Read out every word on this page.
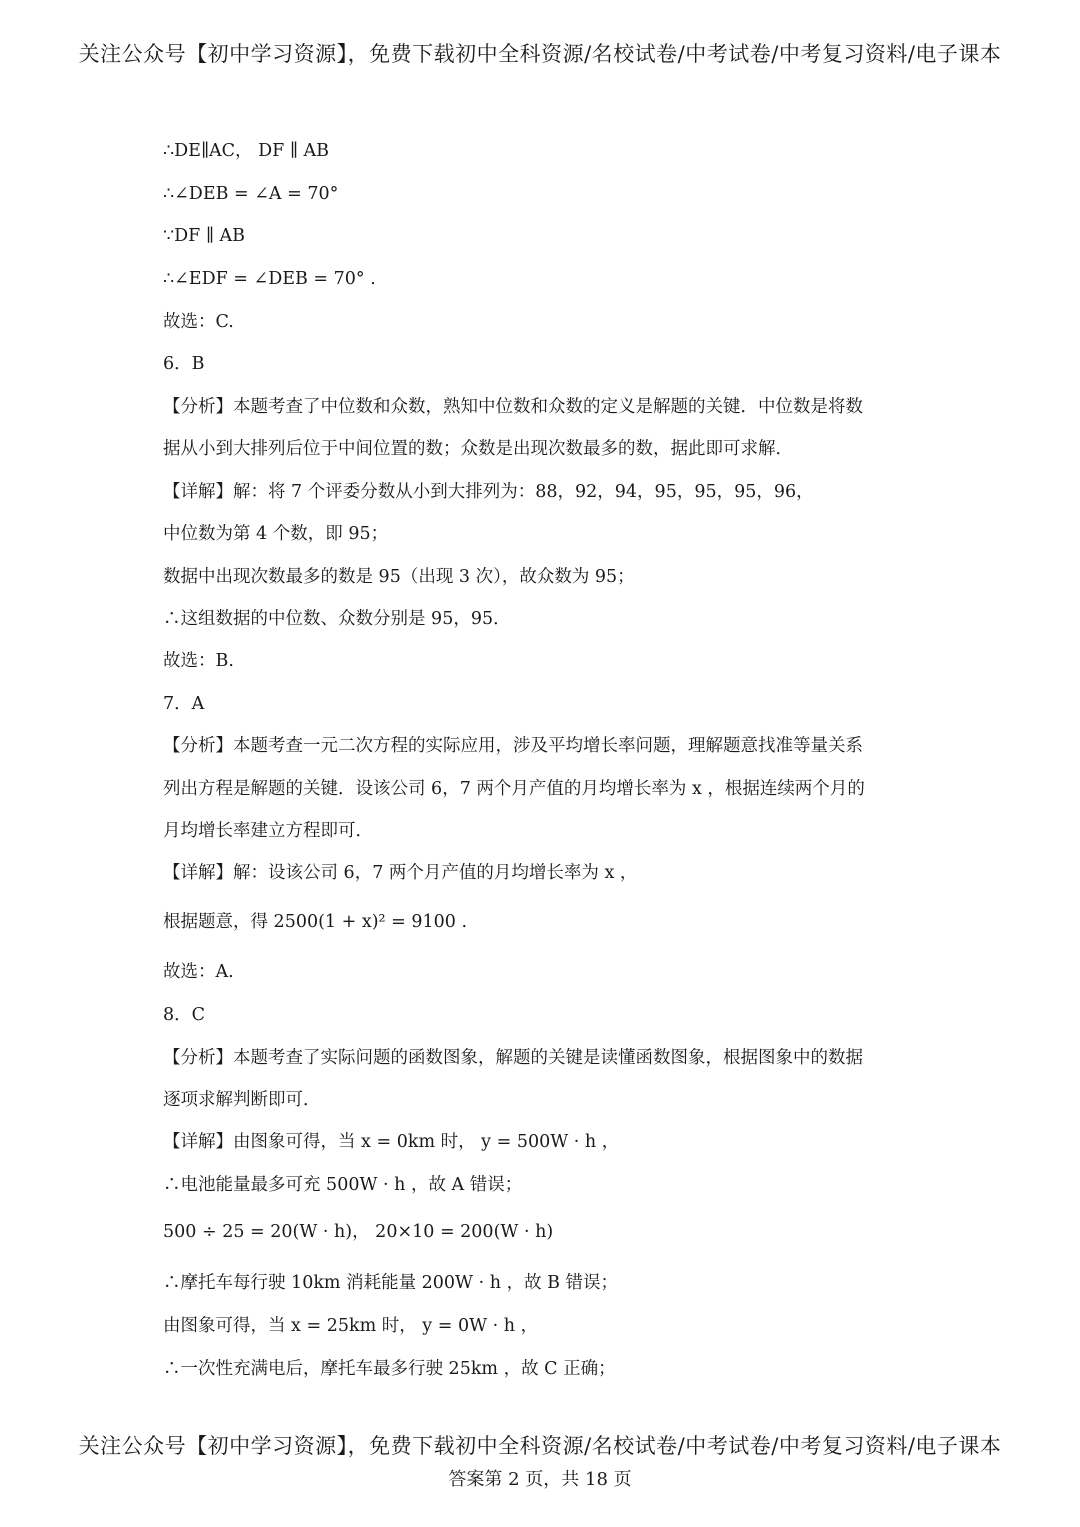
关注公众号【初中学习资源】，免费下载初中全科资源/名校试卷/中考试卷/中考复习资料/电子课本
∴DE∥AC， DF ∥ AB
∴∠DEB = ∠A = 70°
∵DF ∥ AB
∴∠EDF = ∠DEB = 70° .
故选：C.
6．B
【分析】本题考查了中位数和众数，熟知中位数和众数的定义是解题的关键．中位数是将数
据从小到大排列后位于中间位置的数；众数是出现次数最多的数，据此即可求解．
【详解】解：将 7 个评委分数从小到大排列为：88，92，94，95，95，95，96，
中位数为第 4 个数，即 95；
数据中出现次数最多的数是 95（出现 3 次），故众数为 95；
∴这组数据的中位数、众数分别是 95，95．
故选：B.
7．A
【分析】本题考查一元二次方程的实际应用，涉及平均增长率问题，理解题意找准等量关系
列出方程是解题的关键．设该公司 6，7 两个月产值的月均增长率为 x ，根据连续两个月的
月均增长率建立方程即可．
【详解】解：设该公司 6，7 两个月产值的月均增长率为 x ，
根据题意，得 2500(1 + x)² = 9100 .
故选：A.
8．C
【分析】本题考查了实际问题的函数图象，解题的关键是读懂函数图象，根据图象中的数据
逐项求解判断即可．
【详解】由图象可得，当 x = 0km 时， y = 500W · h ，
∴电池能量最多可充 500W · h ，故 A 错误；
500 ÷ 25 = 20(W · h)， 20×10 = 200(W · h)
∴摩托车每行驶 10km 消耗能量 200W · h ，故 B 错误；
由图象可得，当 x = 25km 时， y = 0W · h ，
∴一次性充满电后，摩托车最多行驶 25km ，故 C 正确；
关注公众号【初中学习资源】，免费下载初中全科资源/名校试卷/中考试卷/中考复习资料/电子课本
答案第 2 页，共 18 页
